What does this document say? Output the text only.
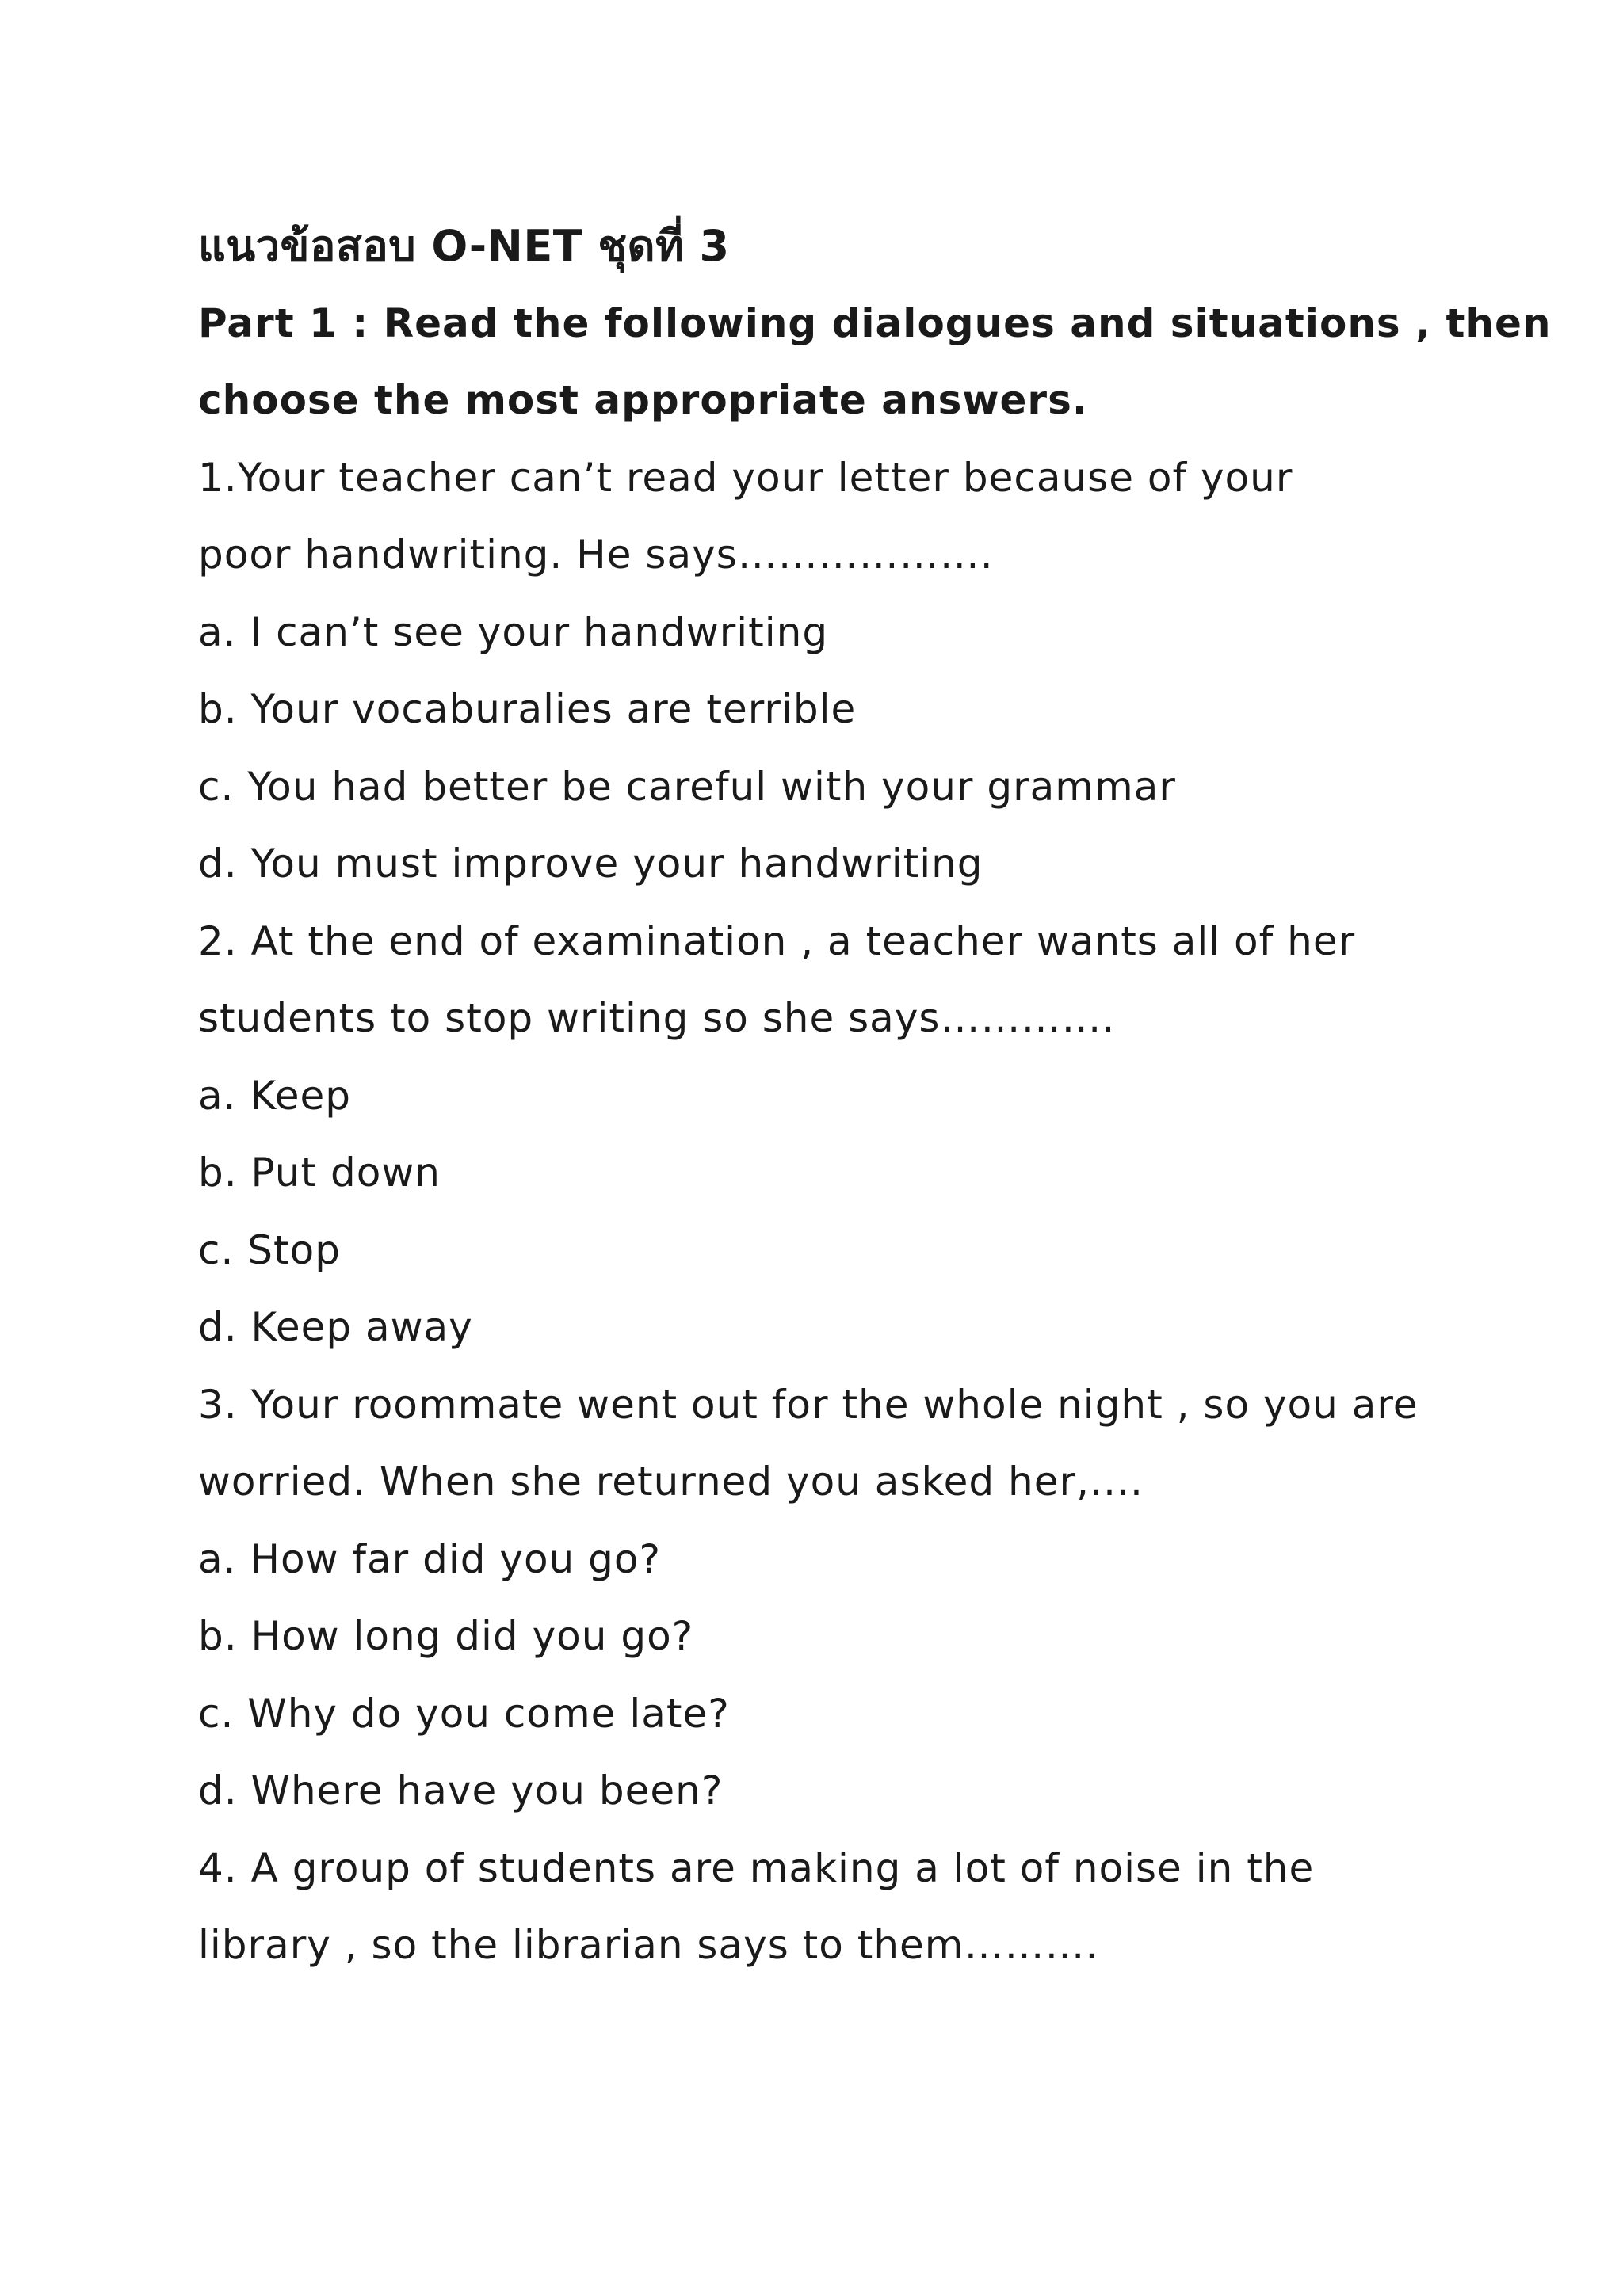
แนวข้อสอบ O-NET ชุดที่ 3
Part 1 : Read the following dialogues and situations , then
choose the most appropriate answers.
1.Your teacher can’t read your letter because of your
poor handwriting. He says……………….
a. I can’t see your handwriting
b. Your vocaburalies are terrible
c. You had better be careful with your grammar
d. You must improve your handwriting
2. At the end of examination , a teacher wants all of her
students to stop writing so she says………….
a. Keep
b. Put down
c. Stop
d. Keep away
3. Your roommate went out for the whole night , so you are
worried. When she returned you asked her,….
a. How far did you go?
b. How long did you go?
c. Why do you come late?
d. Where have you been?
4. A group of students are making a lot of noise in the
library , so the librarian says to them……….
